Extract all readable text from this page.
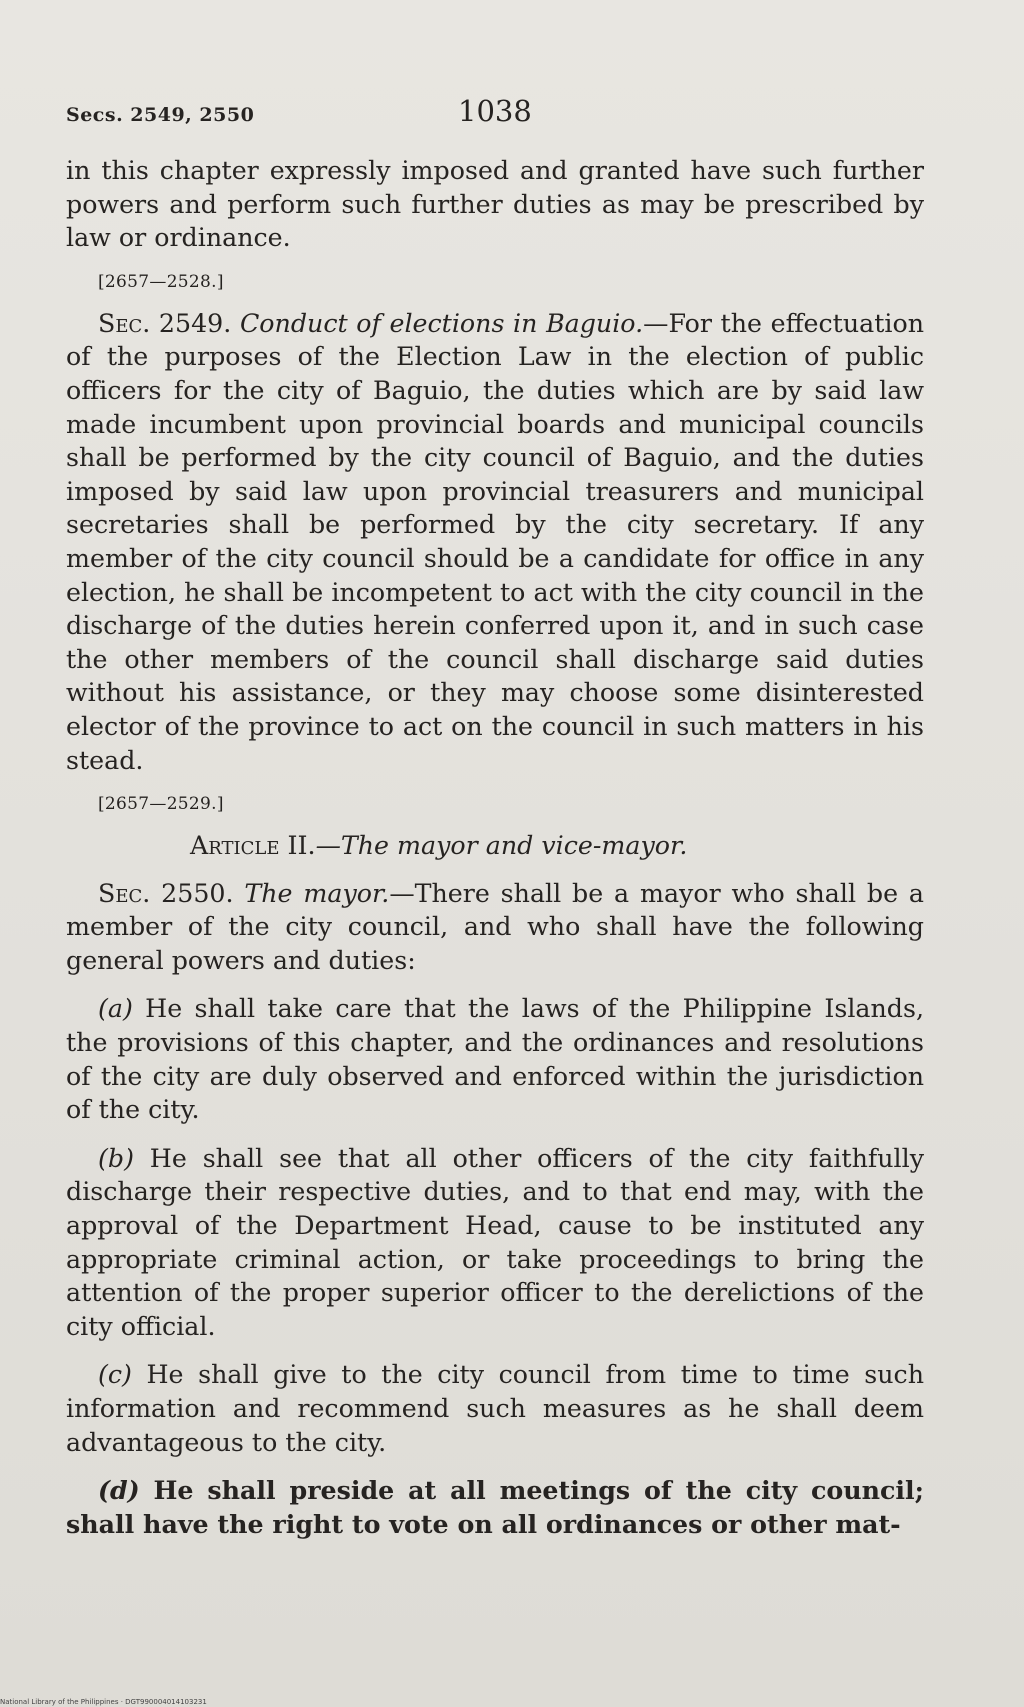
Secs. 2549, 2550	1038

in this chapter expressly imposed and granted have such further powers and perform such further duties as may be prescribed by law or ordinance.

[2657—2528.]

Sec. 2549. Conduct of elections in Baguio.—For the effectuation of the purposes of the Election Law in the election of public officers for the city of Baguio, the duties which are by said law made incumbent upon provincial boards and municipal councils shall be performed by the city council of Baguio, and the duties imposed by said law upon provincial treasurers and municipal secretaries shall be performed by the city secretary. If any member of the city council should be a candidate for office in any election, he shall be incompetent to act with the city council in the discharge of the duties herein conferred upon it, and in such case the other members of the council shall discharge said duties without his assistance, or they may choose some disinterested elector of the province to act on the council in such matters in his stead.

[2657—2529.]

Article II.—The mayor and vice-mayor.

Sec. 2550. The mayor.—There shall be a mayor who shall be a member of the city council, and who shall have the following general powers and duties:

(a) He shall take care that the laws of the Philippine Islands, the provisions of this chapter, and the ordinances and resolutions of the city are duly observed and enforced within the jurisdiction of the city.

(b) He shall see that all other officers of the city faithfully discharge their respective duties, and to that end may, with the approval of the Department Head, cause to be instituted any appropriate criminal action, or take proceedings to bring the attention of the proper superior officer to the derelictions of the city official.

(c) He shall give to the city council from time to time such information and recommend such measures as he shall deem advantageous to the city.

(d) He shall preside at all meetings of the city council; shall have the right to vote on all ordinances or other mat-

National Library of the Philippines · DGT990004014103231
